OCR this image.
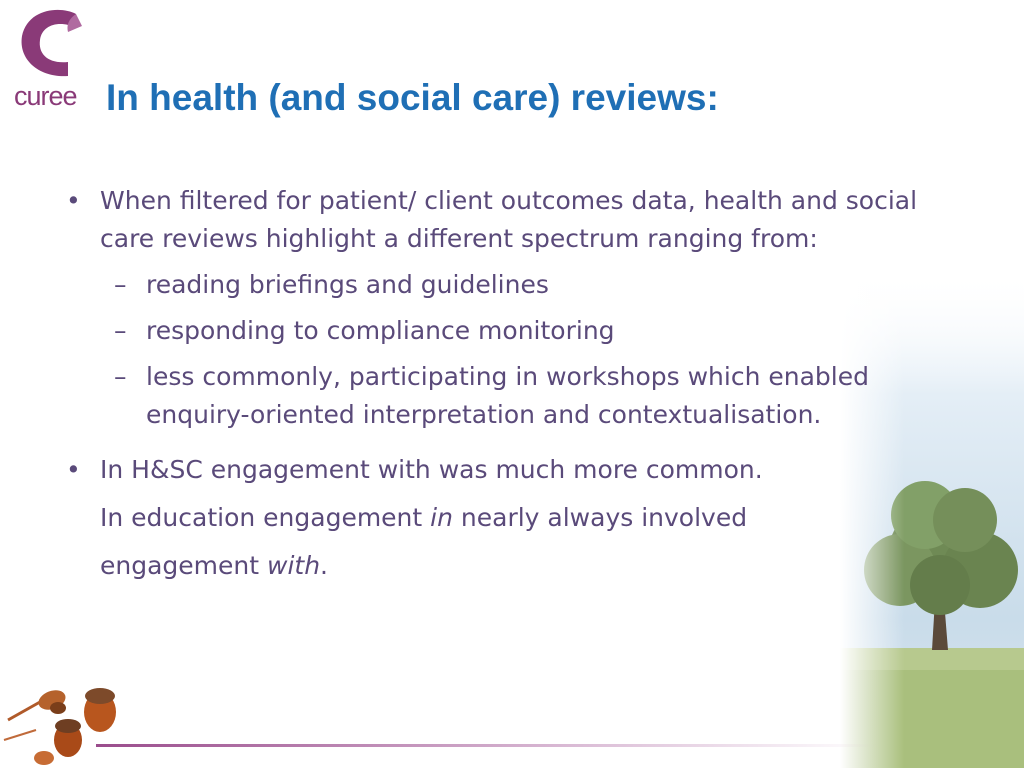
curee In health (and social care) reviews:
• When filtered for patient/ client outcomes data, health and social care reviews highlight a different spectrum ranging from:
– reading briefings and guidelines
– responding to compliance monitoring
– less commonly, participating in workshops which enabled enquiry-oriented interpretation and contextualisation.
• In H&SC engagement with was much more common.
In education engagement in nearly always involved
engagement with.
